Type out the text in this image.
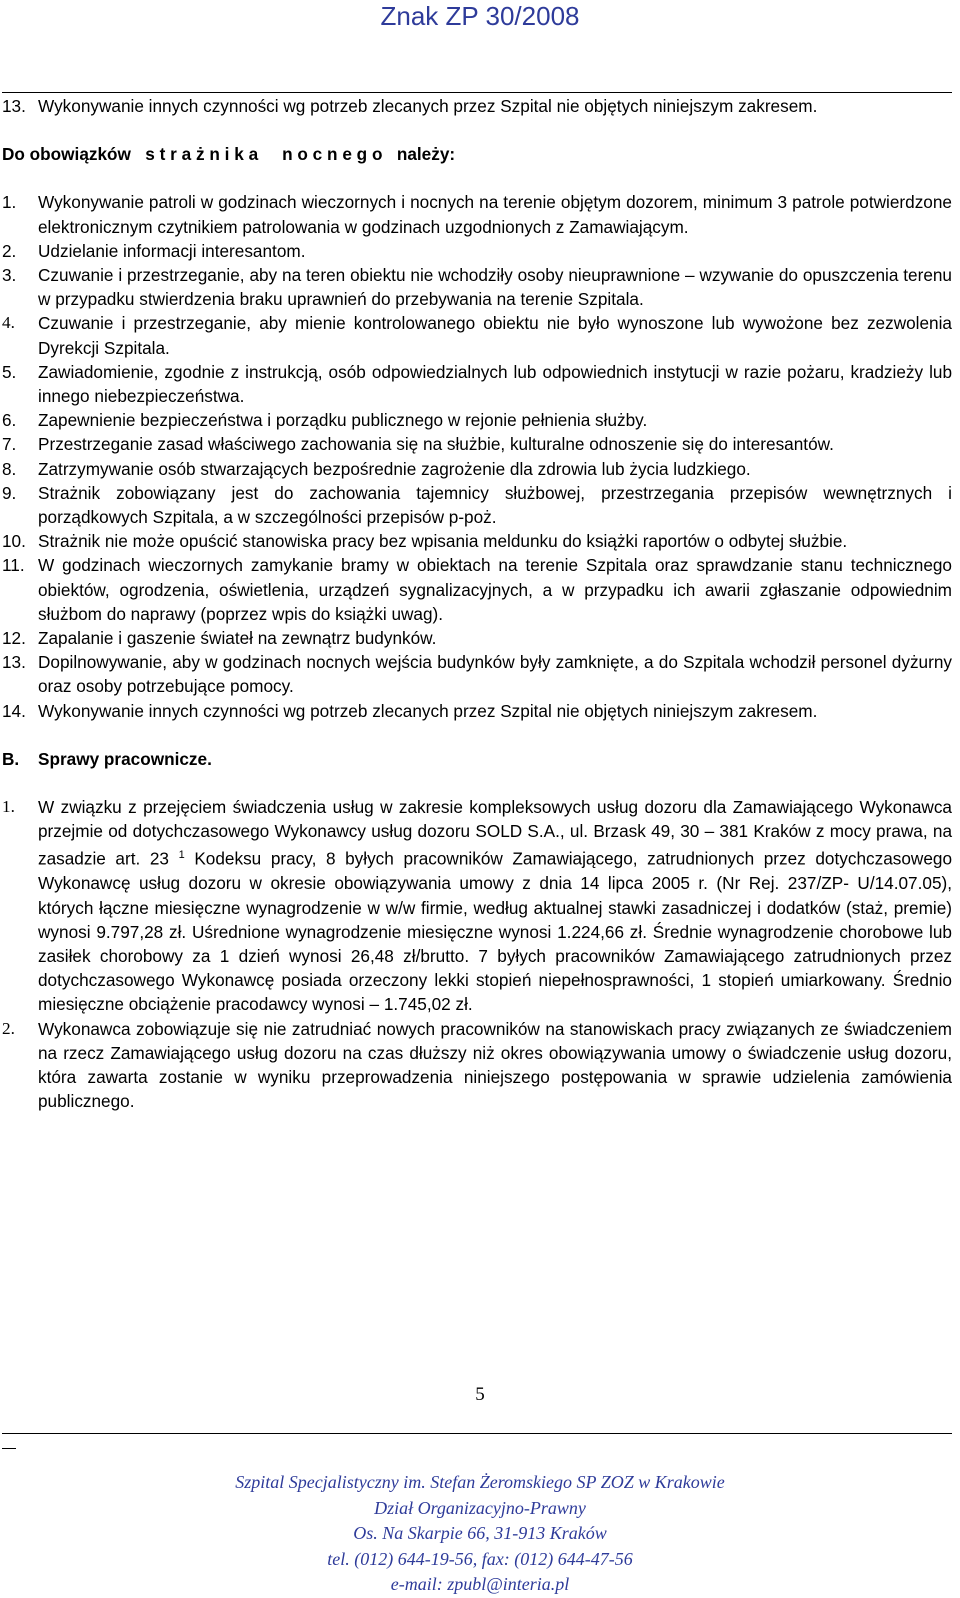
Znak ZP 30/2008
13. Wykonywanie innych czynności wg potrzeb zlecanych przez Szpital nie objętych niniejszym zakresem.

Do obowiązków strażnika nocnego należy:

1.	Wykonywanie patroli w godzinach wieczornych i nocnych na terenie objętym dozorem, minimum 3 patrole potwierdzone elektronicznym czytnikiem patrolowania w godzinach uzgodnionych z Zamawiającym.
2.	Udzielanie informacji interesantom.
3.	Czuwanie i przestrzeganie, aby na teren obiektu nie wchodziły osoby nieuprawnione – wzywanie do opuszczenia terenu w przypadku stwierdzenia braku uprawnień do przebywania na terenie Szpitala.
4.	Czuwanie i przestrzeganie, aby mienie kontrolowanego obiektu nie było wynoszone lub wywożone bez zezwolenia Dyrekcji Szpitala.
5.	Zawiadomienie, zgodnie z instrukcją, osób odpowiedzialnych lub odpowiednich instytucji w razie pożaru, kradzieży lub innego niebezpieczeństwa.
6.	Zapewnienie bezpieczeństwa i porządku publicznego w rejonie pełnienia służby.
7.	Przestrzeganie zasad właściwego zachowania się na służbie, kulturalne odnoszenie się do interesantów.
8.	Zatrzymywanie osób stwarzających bezpośrednie zagrożenie dla zdrowia lub życia ludzkiego.
9.	Strażnik zobowiązany jest do zachowania tajemnicy służbowej, przestrzegania przepisów wewnętrznych i porządkowych Szpitala, a w szczególności przepisów p-poż.
10. Strażnik nie może opuścić stanowiska pracy bez wpisania meldunku do książki raportów o odbytej służbie.
11. W godzinach wieczornych zamykanie bramy w obiektach na terenie Szpitala oraz sprawdzanie stanu technicznego obiektów, ogrodzenia, oświetlenia, urządzeń sygnalizacyjnych, a w przypadku ich awarii zgłaszanie odpowiednim służbom do naprawy (poprzez wpis do książki uwag).
12. Zapalanie i gaszenie świateł na zewnątrz budynków.
13. Dopilnowywanie, aby w godzinach nocnych wejścia budynków były zamknięte, a do Szpitala wchodził personel dyżurny oraz osoby potrzebujące pomocy.
14. Wykonywanie innych czynności wg potrzeb zlecanych przez Szpital nie objętych niniejszym zakresem.
B.	Sprawy pracownicze.
1.	W związku z przejęciem świadczenia usług w zakresie kompleksowych usług dozoru dla Zamawiającego Wykonawca przejmie od dotychczasowego Wykonawcy usług dozoru SOLD S.A., ul. Brzask 49, 30 – 381 Kraków z mocy prawa, na zasadzie art. 23 $^1$ Kodeksu pracy, 8 byłych pracowników Zamawiającego, zatrudnionych przez dotychczasowego Wykonawcę usług dozoru w okresie obowiązywania umowy z dnia 14 lipca 2005 r. (Nr Rej. 237/ZP- U/14.07.05), których łączne miesięczne wynagrodzenie w w/w firmie, według aktualnej stawki zasadniczej i dodatków (staż, premie) wynosi 9.797,28 zł. Uśrednione wynagrodzenie miesięczne wynosi 1.224,66 zł. Średnie wynagrodzenie chorobowe lub zasiłek chorobowy za 1 dzień wynosi 26,48 zł/brutto. 7 byłych pracowników Zamawiającego zatrudnionych przez dotychczasowego Wykonawcę posiada orzeczony lekki stopień niepełnosprawności, 1 stopień umiarkowany. Średnio miesięczne obciążenie pracodawcy wynosi – 1.745,02 zł.
2.	Wykonawca zobowiązuje się nie zatrudniać nowych pracowników na stanowiskach pracy związanych ze świadczeniem na rzecz Zamawiającego usług dozoru na czas dłuższy niż okres obowiązywania umowy o świadczenie usług dozoru, która zawarta zostanie w wyniku przeprowadzenia niniejszego postępowania w sprawie udzielenia zamówienia publicznego.
5
Szpital Specjalistyczny im. Stefan Żeromskiego SP ZOZ w Krakowie
Dział Organizacyjno-Prawny
Os. Na Skarpie 66, 31-913 Kraków
tel. (012) 644-19-56, fax: (012) 644-47-56
e-mail: zpubl@interia.pl
